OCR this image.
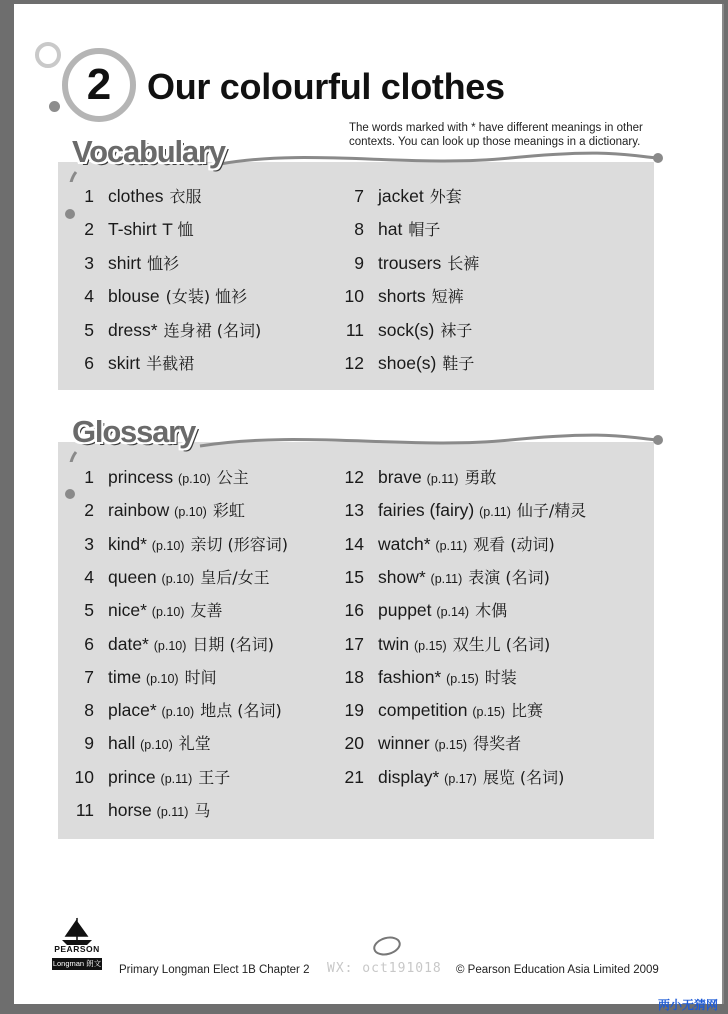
2 Our colourful clothes
The words marked with * have different meanings in other contexts. You can look up those meanings in a dictionary.
Vocabulary
1 clothes 衣服
2 T-shirt T 恤
3 shirt 恤衫
4 blouse (女装) 恤衫
5 dress* 连身裙 (名词)
6 skirt 半截裙
7 jacket 外套
8 hat 帽子
9 trousers 长裤
10 shorts 短裤
11 sock(s) 袜子
12 shoe(s) 鞋子
Glossary
1 princess (p.10) 公主
2 rainbow (p.10) 彩虹
3 kind* (p.10) 亲切 (形容词)
4 queen (p.10) 皇后/女王
5 nice* (p.10) 友善
6 date* (p.10) 日期 (名词)
7 time (p.10) 时间
8 place* (p.10) 地点 (名词)
9 hall (p.10) 礼堂
10 prince (p.11) 王子
11 horse (p.11) 马
12 brave (p.11) 勇敢
13 fairies (fairy) (p.11) 仙子/精灵
14 watch* (p.11) 观看 (动词)
15 show* (p.11) 表演 (名词)
16 puppet (p.14) 木偶
17 twin (p.15) 双生儿 (名词)
18 fashion* (p.15) 时装
19 competition (p.15) 比赛
20 winner (p.15) 得奖者
21 display* (p.17) 展览 (名词)
PEARSON
Longman 朗文
Primary Longman Elect 1B Chapter 2 WX: oct191018 © Pearson Education Asia Limited 2009
两小无猜网
